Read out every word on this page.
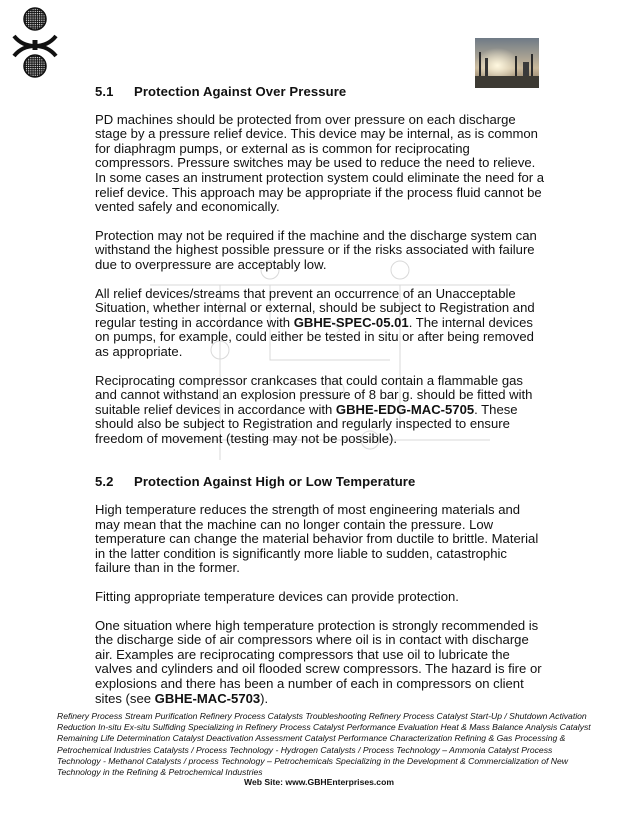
5.1 Protection Against Over Pressure

PD machines should be protected from over pressure on each discharge stage by a pressure relief device. This device may be internal, as is common for diaphragm pumps, or external as is common for reciprocating compressors. Pressure switches may be used to reduce the need to relieve. In some cases an instrument protection system could eliminate the need for a relief device. This approach may be appropriate if the process fluid cannot be vented safely and economically.

Protection may not be required if the machine and the discharge system can withstand the highest possible pressure or if the risks associated with failure due to overpressure are acceptably low.

All relief devices/streams that prevent an occurrence of an Unacceptable Situation, whether internal or external, should be subject to Registration and regular testing in accordance with GBHE-SPEC-05.01. The internal devices on pumps, for example, could either be tested in situ or after being removed as appropriate.

Reciprocating compressor crankcases that could contain a flammable gas and cannot withstand an explosion pressure of 8 bar g. should be fitted with suitable relief devices in accordance with GBHE-EDG-MAC-5705. These should also be subject to Registration and regularly inspected to ensure freedom of movement (testing may not be possible).

5.2 Protection Against High or Low Temperature

High temperature reduces the strength of most engineering materials and may mean that the machine can no longer contain the pressure. Low temperature can change the material behavior from ductile to brittle. Material in the latter condition is significantly more liable to sudden, catastrophic failure than in the former.

Fitting appropriate temperature devices can provide protection.

One situation where high temperature protection is strongly recommended is the discharge side of air compressors where oil is in contact with discharge air. Examples are reciprocating compressors that use oil to lubricate the valves and cylinders and oil flooded screw compressors. The hazard is fire or explosions and there has been a number of each in compressors on client sites (see GBHE-MAC-5703).

Refinery Process Stream Purification Refinery Process Catalysts Troubleshooting Refinery Process Catalyst Start-Up / Shutdown Activation Reduction In-situ Ex-situ Sulfiding Specializing in Refinery Process Catalyst Performance Evaluation Heat & Mass Balance Analysis Catalyst Remaining Life Determination Catalyst Deactivation Assessment Catalyst Performance Characterization Refining & Gas Processing & Petrochemical Industries Catalysts / Process Technology - Hydrogen Catalysts / Process Technology – Ammonia Catalyst Process Technology - Methanol Catalysts / process Technology – Petrochemicals Specializing in the Development & Commercialization of New Technology in the Refining & Petrochemical Industries
Web Site: www.GBHEnterprises.com
